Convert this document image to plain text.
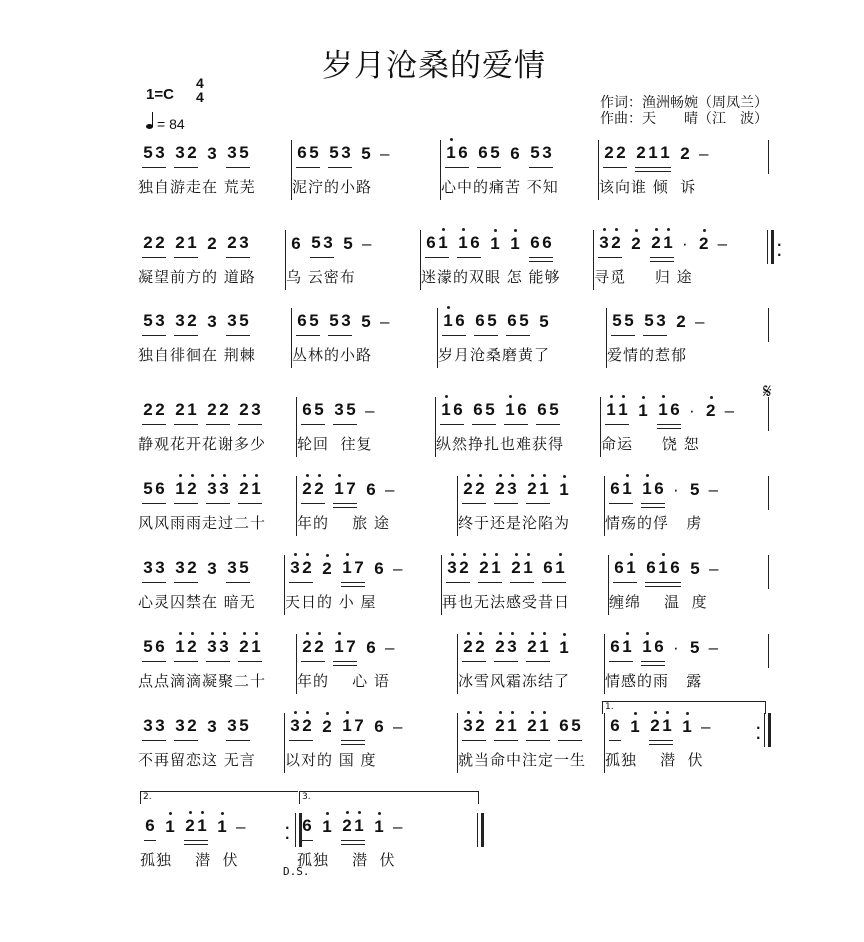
岁月沧桑的爱情
1=C
4
4
= 84
作词：渔洲畅婉（周凤兰）
作曲：天　　晴（江　波）
5 3 3 2 3 3 5
独自游走在 荒芜
6 5 5 3 5 –
泥泞的小路
1 6 6 5 6 5 3
心中的痛苦 不知
2 2 2 1 1 2 –
该向谁 倾  诉
2 2 2 1 2 2 3
凝望前方的 道路
6 5 3 5 –
乌 云密布
6 1 1 6 1 1 6 6
迷濛的双眼 怎 能够
3 2 2 2 1 · 2 –
寻觅     归 途
·
·
5 3 3 2 3 3 5
独自徘徊在 荆棘
6 5 5 3 5 –
丛林的小路
1 6 6 5 6 5 5
岁月沧桑磨黄了
5 5 5 3 2 –
爱情的惹郁
2 2 2 1 2 2 2 3
静观花开花谢多少
6 5 3 5 –
轮回  往复
1 6 6 5 1 6 6 5
纵然挣扎也难获得
1 1 1 1 6 · 2 –
命运     饶 恕
𝄋
5 6 1 2 3 3 2 1
风风雨雨走过二十
2 2 1 7 6 –
年的    旅 途
2 2 2 3 2 1 1
终于还是沦陷为
6 1 1 6 · 5 –
情殇的俘   虏
3 3 3 2 3 3 5
心灵囚禁在 暗无
3 2 2 1 7 6 –
天日的 小 屋
3 2 2 1 2 1 6 1
再也无法感受昔日
6 1 6 1 6 5 –
缠绵    温  度
5 6 1 2 3 3 2 1
点点滴滴凝聚二十
2 2 1 7 6 –
年的    心 语
2 2 2 3 2 1 1
冰雪风霜冻结了
6 1 1 6 · 5 –
情感的雨   露
3 3 3 2 3 3 5
不再留恋这 无言
3 2 2 1 7 6 –
以对的 国 度
3 2 2 1 2 1 6 5
就当命中注定一生
6 1 2 1 1 –
孤独    潜  伏
·
·
1.
6 1 2 1 1 –
孤独    潜  伏
6 1 2 1 1 –
孤独    潜  伏
·
·
2.	3.
D.S.
